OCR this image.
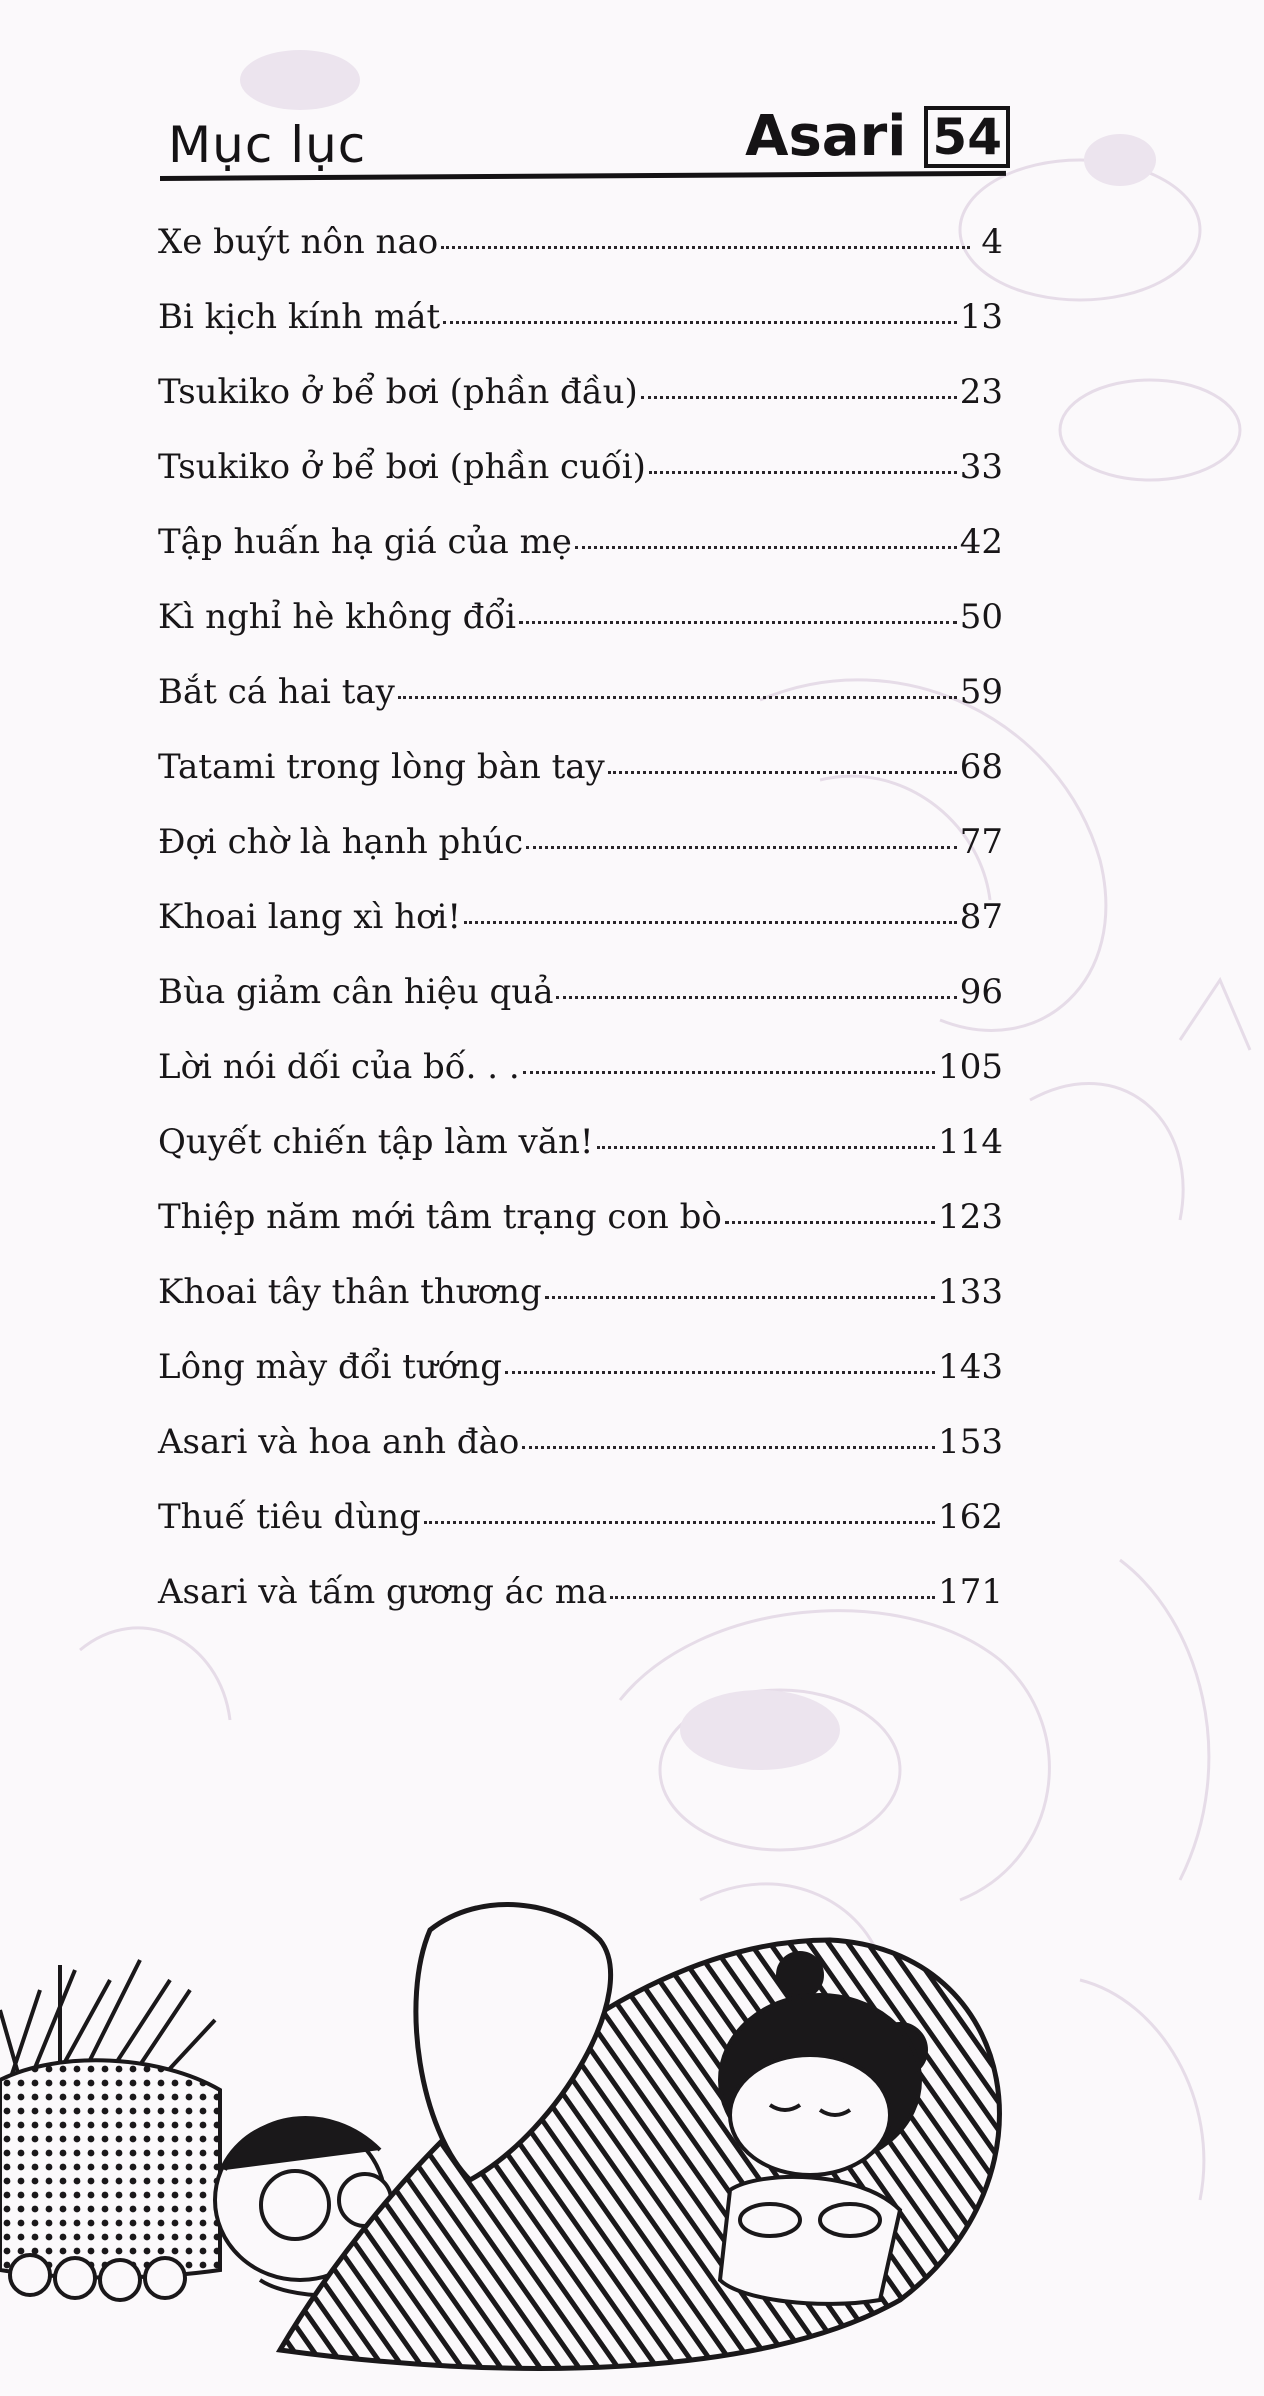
Mục lục	Asari 54
Xe buýt nôn nao	4
Bi kịch kính mát	13
Tsukiko ở bể bơi (phần đầu)	23
Tsukiko ở bể bơi (phần cuối)	33
Tập huấn hạ giá của mẹ	42
Kì nghỉ hè không đổi	50
Bắt cá hai tay	59
Tatami trong lòng bàn tay	68
Đợi chờ là hạnh phúc	77
Khoai lang xì hơi!	87
Bùa giảm cân hiệu quả	96
Lời nói dối của bố. . .	105
Quyết chiến tập làm văn!	114
Thiệp năm mới tâm trạng con bò	123
Khoai tây thân thương	133
Lông mày đổi tướng	143
Asari và hoa anh đào	153
Thuế tiêu dùng	162
Asari và tấm gương ác ma	171
